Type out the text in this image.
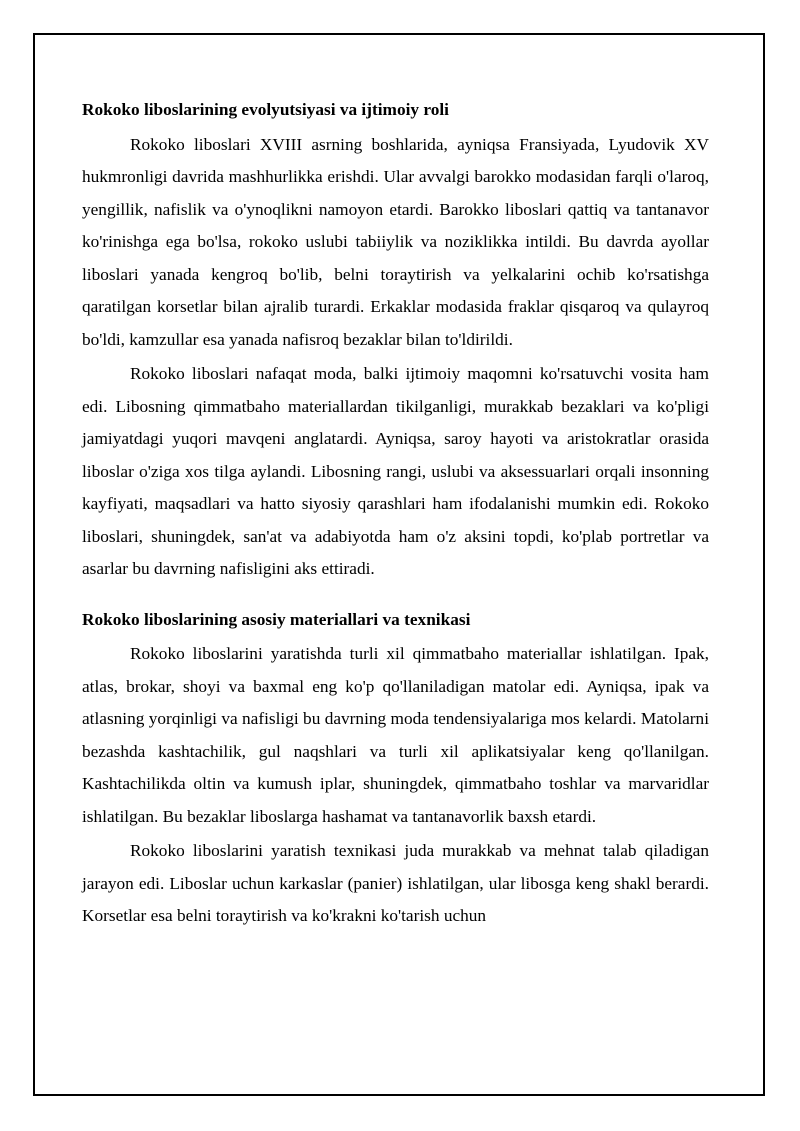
Rokoko liboslarining evolyutsiyasi va ijtimoiy roli

Rokoko liboslari XVIII asrning boshlarida, ayniqsa Fransiyada, Lyudovik XV hukmronligi davrida mashhurlikka erishdi. Ular avvalgi barokko modasidan farqli o'laroq, yengillik, nafislik va o'ynoqlikni namoyon etardi. Barokko liboslari qattiq va tantanavor ko'rinishga ega bo'lsa, rokoko uslubi tabiiylik va noziklikka intildi. Bu davrda ayollar liboslari yanada kengroq bo'lib, belni toraytirish va yelkalarini ochib ko'rsatishga qaratilgan korsetlar bilan ajralib turardi. Erkaklar modasida fraklar qisqaroq va qulayroq bo'ldi, kamzullar esa yanada nafisroq bezaklar bilan to'ldirildi.

Rokoko liboslari nafaqat moda, balki ijtimoiy maqomni ko'rsatuvchi vosita ham edi. Libosning qimmatbaho materiallardan tikilganligi, murakkab bezaklari va ko'pligi jamiyatdagi yuqori mavqeni anglatardi. Ayniqsa, saroy hayoti va aristokratlar orasida liboslar o'ziga xos tilga aylandi. Libosning rangi, uslubi va aksessuarlari orqali insonning kayfiyati, maqsadlari va hatto siyosiy qarashlari ham ifodalanishi mumkin edi. Rokoko liboslari, shuningdek, san'at va adabiyotda ham o'z aksini topdi, ko'plab portretlar va asarlar bu davrning nafisligini aks ettiradi.

Rokoko liboslarining asosiy materiallari va texnikasi

Rokoko liboslarini yaratishda turli xil qimmatbaho materiallar ishlatilgan. Ipak, atlas, brokar, shoyi va baxmal eng ko'p qo'llaniladigan matolar edi. Ayniqsa, ipak va atlasning yorqinligi va nafisligi bu davrning moda tendensiyalariga mos kelardi. Matolarni bezashda kashtachilik, gul naqshlari va turli xil aplikatsiyalar keng qo'llanilgan. Kashtachilikda oltin va kumush iplar, shuningdek, qimmatbaho toshlar va marvaridlar ishlatilgan. Bu bezaklar liboslarga hashamat va tantanavorlik baxsh etardi.

Rokoko liboslarini yaratish texnikasi juda murakkab va mehnat talab qiladigan jarayon edi. Liboslar uchun karkaslar (panier) ishlatilgan, ular libosga keng shakl berardi. Korsetlar esa belni toraytirish va ko'krakni ko'tarish uchun
